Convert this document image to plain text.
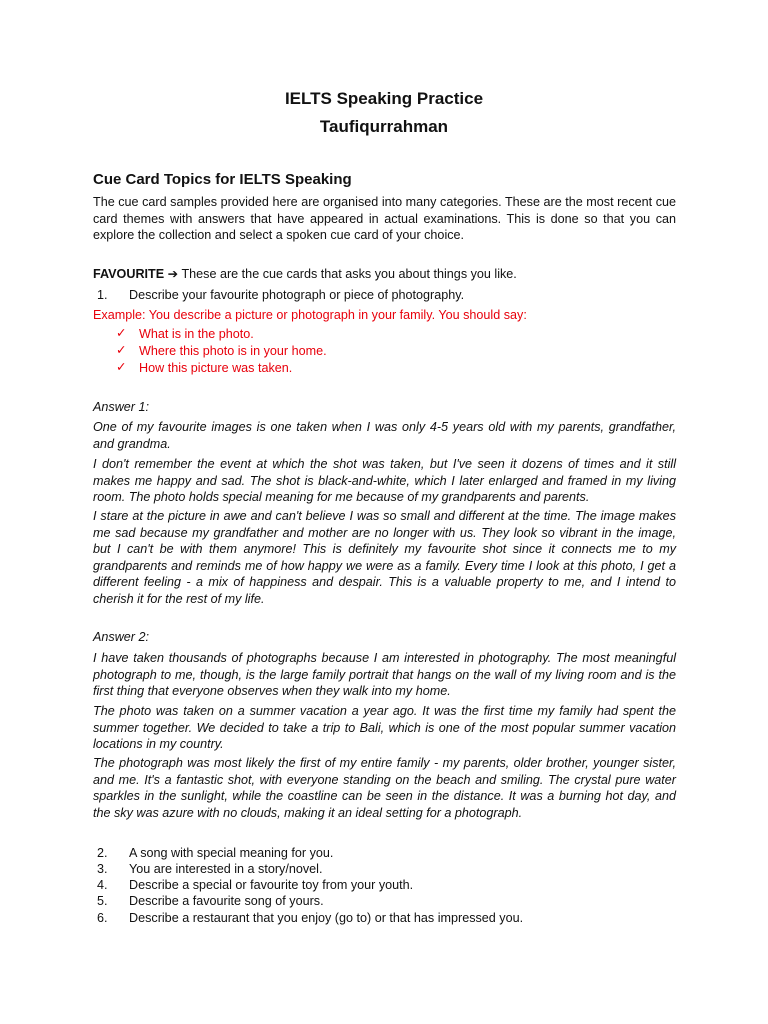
IELTS Speaking Practice
Taufiqurrahman
Cue Card Topics for IELTS Speaking

The cue card samples provided here are organised into many categories. These are the most recent cue card themes with answers that have appeared in actual examinations. This is done so that you can explore the collection and select a spoken cue card of your choice.

FAVOURITE ➔ These are the cue cards that asks you about things you like.
1.	Describe your favourite photograph or piece of photography.
Example: You describe a picture or photograph in your family. You should say:
✓ What is in the photo.
✓ Where this photo is in your home.
✓ How this picture was taken.
Answer 1:

One of my favourite images is one taken when I was only 4-5 years old with my parents, grandfather, and grandma.

I don't remember the event at which the shot was taken, but I've seen it dozens of times and it still makes me happy and sad. The shot is black-and-white, which I later enlarged and framed in my living room. The photo holds special meaning for me because of my grandparents and parents.

I stare at the picture in awe and can't believe I was so small and different at the time. The image makes me sad because my grandfather and mother are no longer with us. They look so vibrant in the image, but I can't be with them anymore! This is definitely my favourite shot since it connects me to my grandparents and reminds me of how happy we were as a family. Every time I look at this photo, I get a different feeling - a mix of happiness and despair. This is a valuable property to me, and I intend to cherish it for the rest of my life.

Answer 2:

I have taken thousands of photographs because I am interested in photography. The most meaningful photograph to me, though, is the large family portrait that hangs on the wall of my living room and is the first thing that everyone observes when they walk into my home.

The photo was taken on a summer vacation a year ago. It was the first time my family had spent the summer together. We decided to take a trip to Bali, which is one of the most popular summer vacation locations in my country.

The photograph was most likely the first of my entire family - my parents, older brother, younger sister, and me. It's a fantastic shot, with everyone standing on the beach and smiling. The crystal pure water sparkles in the sunlight, while the coastline can be seen in the distance. It was a burning hot day, and the sky was azure with no clouds, making it an ideal setting for a photograph.

2.	A song with special meaning for you.
3.	You are interested in a story/novel.
4.	Describe a special or favourite toy from your youth.
5.	Describe a favourite song of yours.
6.	Describe a restaurant that you enjoy (go to) or that has impressed you.
